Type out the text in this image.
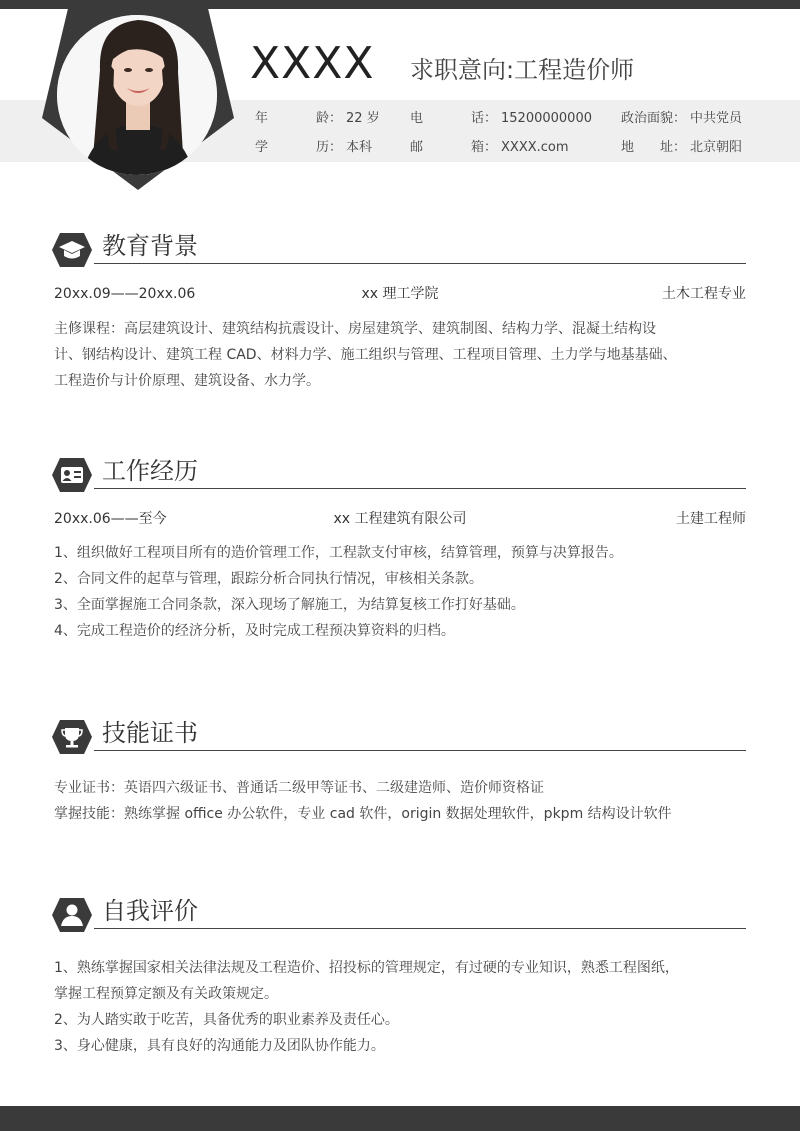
XXXX 求职意向:工程造价师
年龄： 22 岁
学历： 本科
电话： 15200000000
邮箱： XXXX.com
政治面貌： 中共党员
地址： 北京朝阳
教育背景
20xx.09——20xx.06	xx 理工学院	土木工程专业

主修课程：高层建筑设计、建筑结构抗震设计、房屋建筑学、建筑制图、结构力学、混凝土结构设

计、钢结构设计、建筑工程 CAD、材料力学、施工组织与管理、工程项目管理、土力学与地基基础、

工程造价与计价原理、建筑设备、水力学。

工作经历
20xx.06——至今	xx 工程建筑有限公司	土建工程师

1、组织做好工程项目所有的造价管理工作，工程款支付审核，结算管理，预算与决算报告。

2、合同文件的起草与管理，跟踪分析合同执行情况，审核相关条款。

3、全面掌握施工合同条款，深入现场了解施工，为结算复核工作打好基础。

4、完成工程造价的经济分析，及时完成工程预决算资料的归档。

技能证书

专业证书：英语四六级证书、普通话二级甲等证书、二级建造师、造价师资格证

掌握技能：熟练掌握 office 办公软件，专业 cad 软件，origin 数据处理软件，pkpm 结构设计软件

自我评价

1、熟练掌握国家相关法律法规及工程造价、招投标的管理规定，有过硬的专业知识，熟悉工程图纸，

掌握工程预算定额及有关政策规定。

2、为人踏实敢于吃苦，具备优秀的职业素养及责任心。

3、身心健康，具有良好的沟通能力及团队协作能力。
